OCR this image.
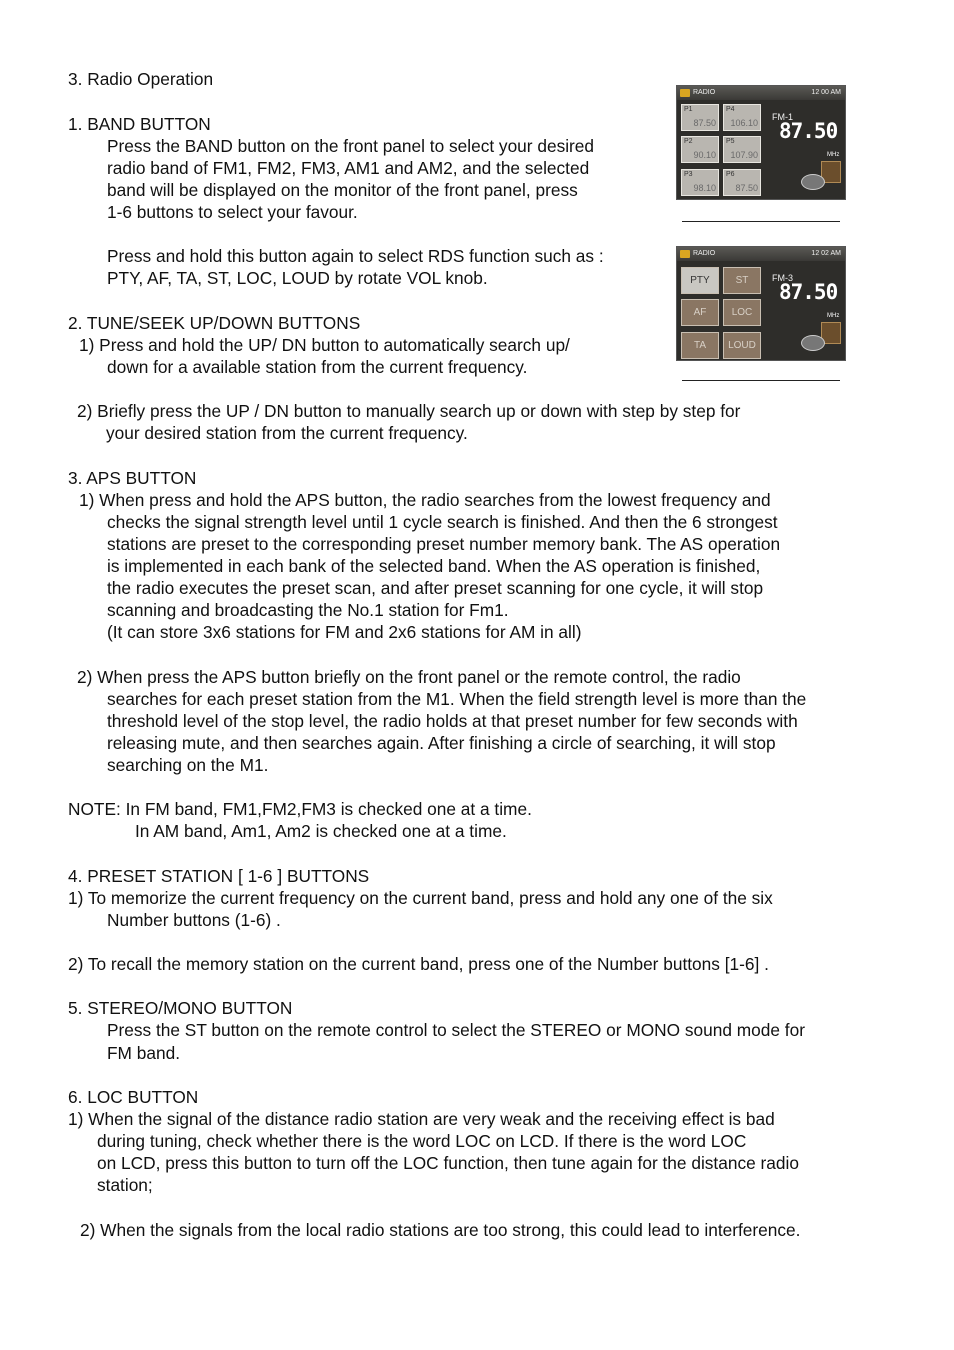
3. Radio Operation
1. BAND BUTTON
Press the BAND button on the front panel to select your desired
radio band of FM1, FM2, FM3, AM1 and AM2, and the selected
band will be displayed on the monitor of the front panel, press
1-6 buttons to select your favour.
Press and hold this button again to select RDS function such as :
PTY, AF, TA, ST, LOC, LOUD by rotate VOL knob.
2. TUNE/SEEK UP/DOWN BUTTONS
1) Press and hold the UP/ DN button to automatically search up/
down for a available station from the current frequency.
2) Briefly press the UP / DN button to manually search up or down with step by step for
your desired station from the current frequency.
3. APS BUTTON
1) When press and hold the APS button, the radio searches from the lowest frequency and
checks the signal strength level until 1 cycle search is finished. And then the 6 strongest
stations are preset to the corresponding preset number memory bank. The AS operation
is implemented in each bank of the selected band. When the AS operation is finished,
the radio executes the preset scan, and after preset scanning for one cycle, it will stop
scanning and broadcasting the No.1 station for Fm1.
(It can store 3x6 stations for FM and 2x6 stations for AM in all)
2) When press the APS button briefly on the front panel or the remote control, the radio
searches for each preset station from the M1. When the field strength level is more than the
threshold level of the stop level, the radio holds at that preset number for few seconds with
releasing mute, and then searches again. After finishing a circle of searching, it will stop
searching on the M1.
NOTE: In FM band, FM1,FM2,FM3 is checked one at a time.
In AM band, Am1, Am2 is checked one at a time.
4. PRESET STATION [ 1-6 ] BUTTONS
1) To memorize the current frequency on the current band, press and hold any one of the six
Number buttons (1-6) .
2) To recall the memory station on the current band, press one of the Number buttons [1-6] .
5. STEREO/MONO BUTTON
Press the ST button on the remote control to select the STEREO or MONO sound mode for
FM band.
6. LOC BUTTON
1) When the signal of the distance radio station are very weak and the receiving effect is bad
during tuning, check whether there is the word LOC on LCD. If there is the word LOC
on LCD, press this button to turn off the LOC function, then tune again for the distance radio
station;
2) When the signals from the local radio stations are too strong, this could lead to interference.
RADIO	12 00 AM
P1
87.50
P4
106.10
P2
90.10
P5
107.90
P3
98.10
P6
87.50
FM-1
87.50
MHz
RADIO	12 02 AM
PTY	ST
AF	LOC
TA	LOUD
FM-3
87.50
MHz
